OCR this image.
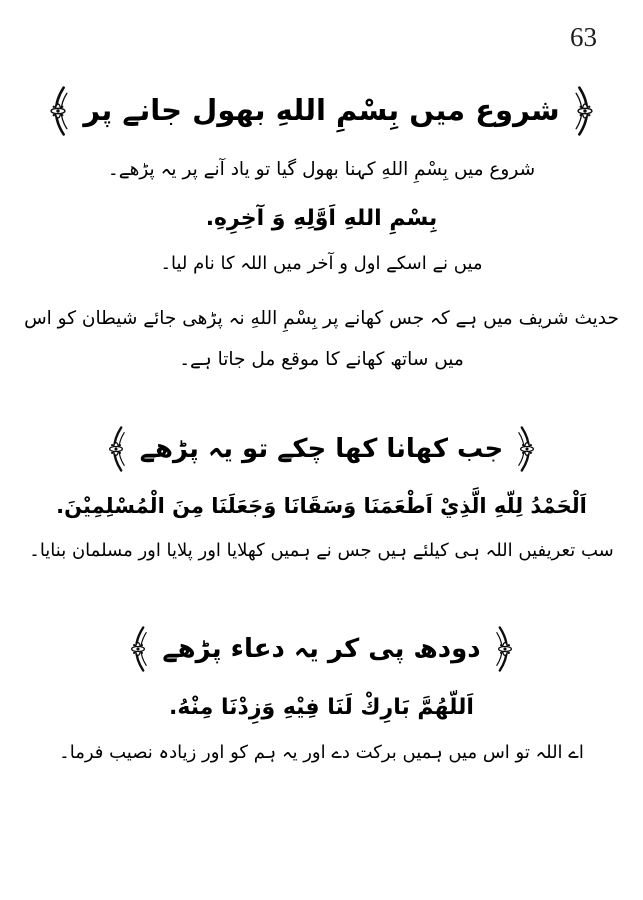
63
شروع میں بِسْمِ اللهِ بھول جانے پر

شروع میں بِسْمِ اللهِ کہنا بھول گیا تو یاد آنے پر یہ پڑھے۔

بِسْمِ اللهِ اَوَّلِهِ وَ آخِرِهِ.

میں نے اسکے اول و آخر میں اللہ کا نام لیا۔

حدیث شریف میں ہے کہ جس کھانے پر بِسْمِ اللهِ نہ پڑھی جائے شیطان کو اس میں ساتھ کھانے کا موقع مل جاتا ہے۔

جب کھانا کھا چکے تو یہ پڑھے

اَلْحَمْدُ لِلّهِ الَّذِيْ اَطْعَمَنَا وَسَقَانَا وَجَعَلَنَا مِنَ الْمُسْلِمِيْنَ.

سب تعریفیں اللہ ہی کیلئے ہیں جس نے ہمیں کھلایا اور پلایا اور مسلمان بنایا۔

دودھ پی کر یہ دعاء پڑھے

اَللّهُمَّ بَارِكْ لَنَا فِيْهِ وَزِدْنَا مِنْهُ.

اے اللہ تو اس میں ہمیں برکت دے اور یہ ہم کو اور زیادہ نصیب فرما۔
